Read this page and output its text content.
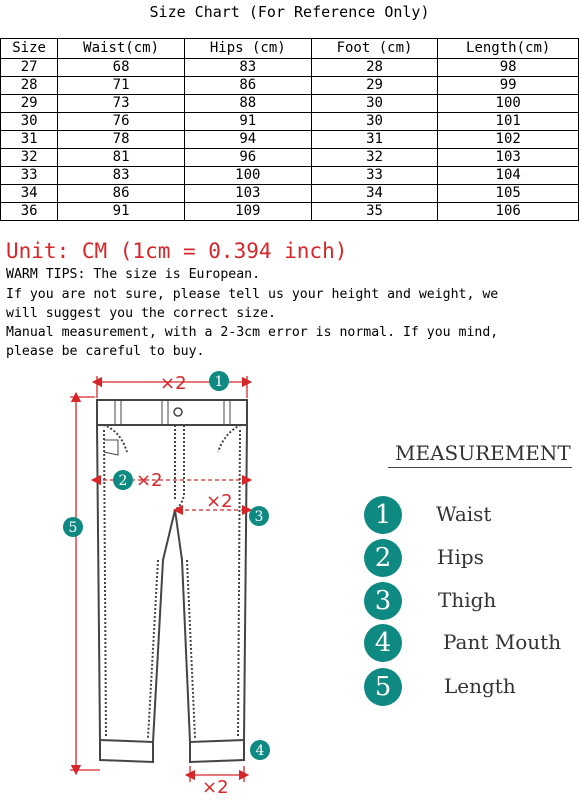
Size Chart (For Reference Only)
Size	Waist(cm)	Hips (cm)	Foot (cm)	Length(cm)
27	68	83	28	98
28	71	86	29	99
29	73	88	30	100
30	76	91	30	101
31	78	94	31	102
32	81	96	32	103
33	83	100	33	104
34	86	103	34	105
36	91	109	35	106
Unit: CM (1cm = 0.394 inch)
WARM TIPS: The size is European.
If you are not sure, please tell us your height and weight, we
will suggest you the correct size.
Manual measurement, with a 2-3cm error is normal. If you mind,
please be careful to buy.
×2
×2
×2
×2
1
2
3
4
5
MEASUREMENT
1	Waist
2	Hips
3	Thigh
4	Pant Mouth
5	Length
